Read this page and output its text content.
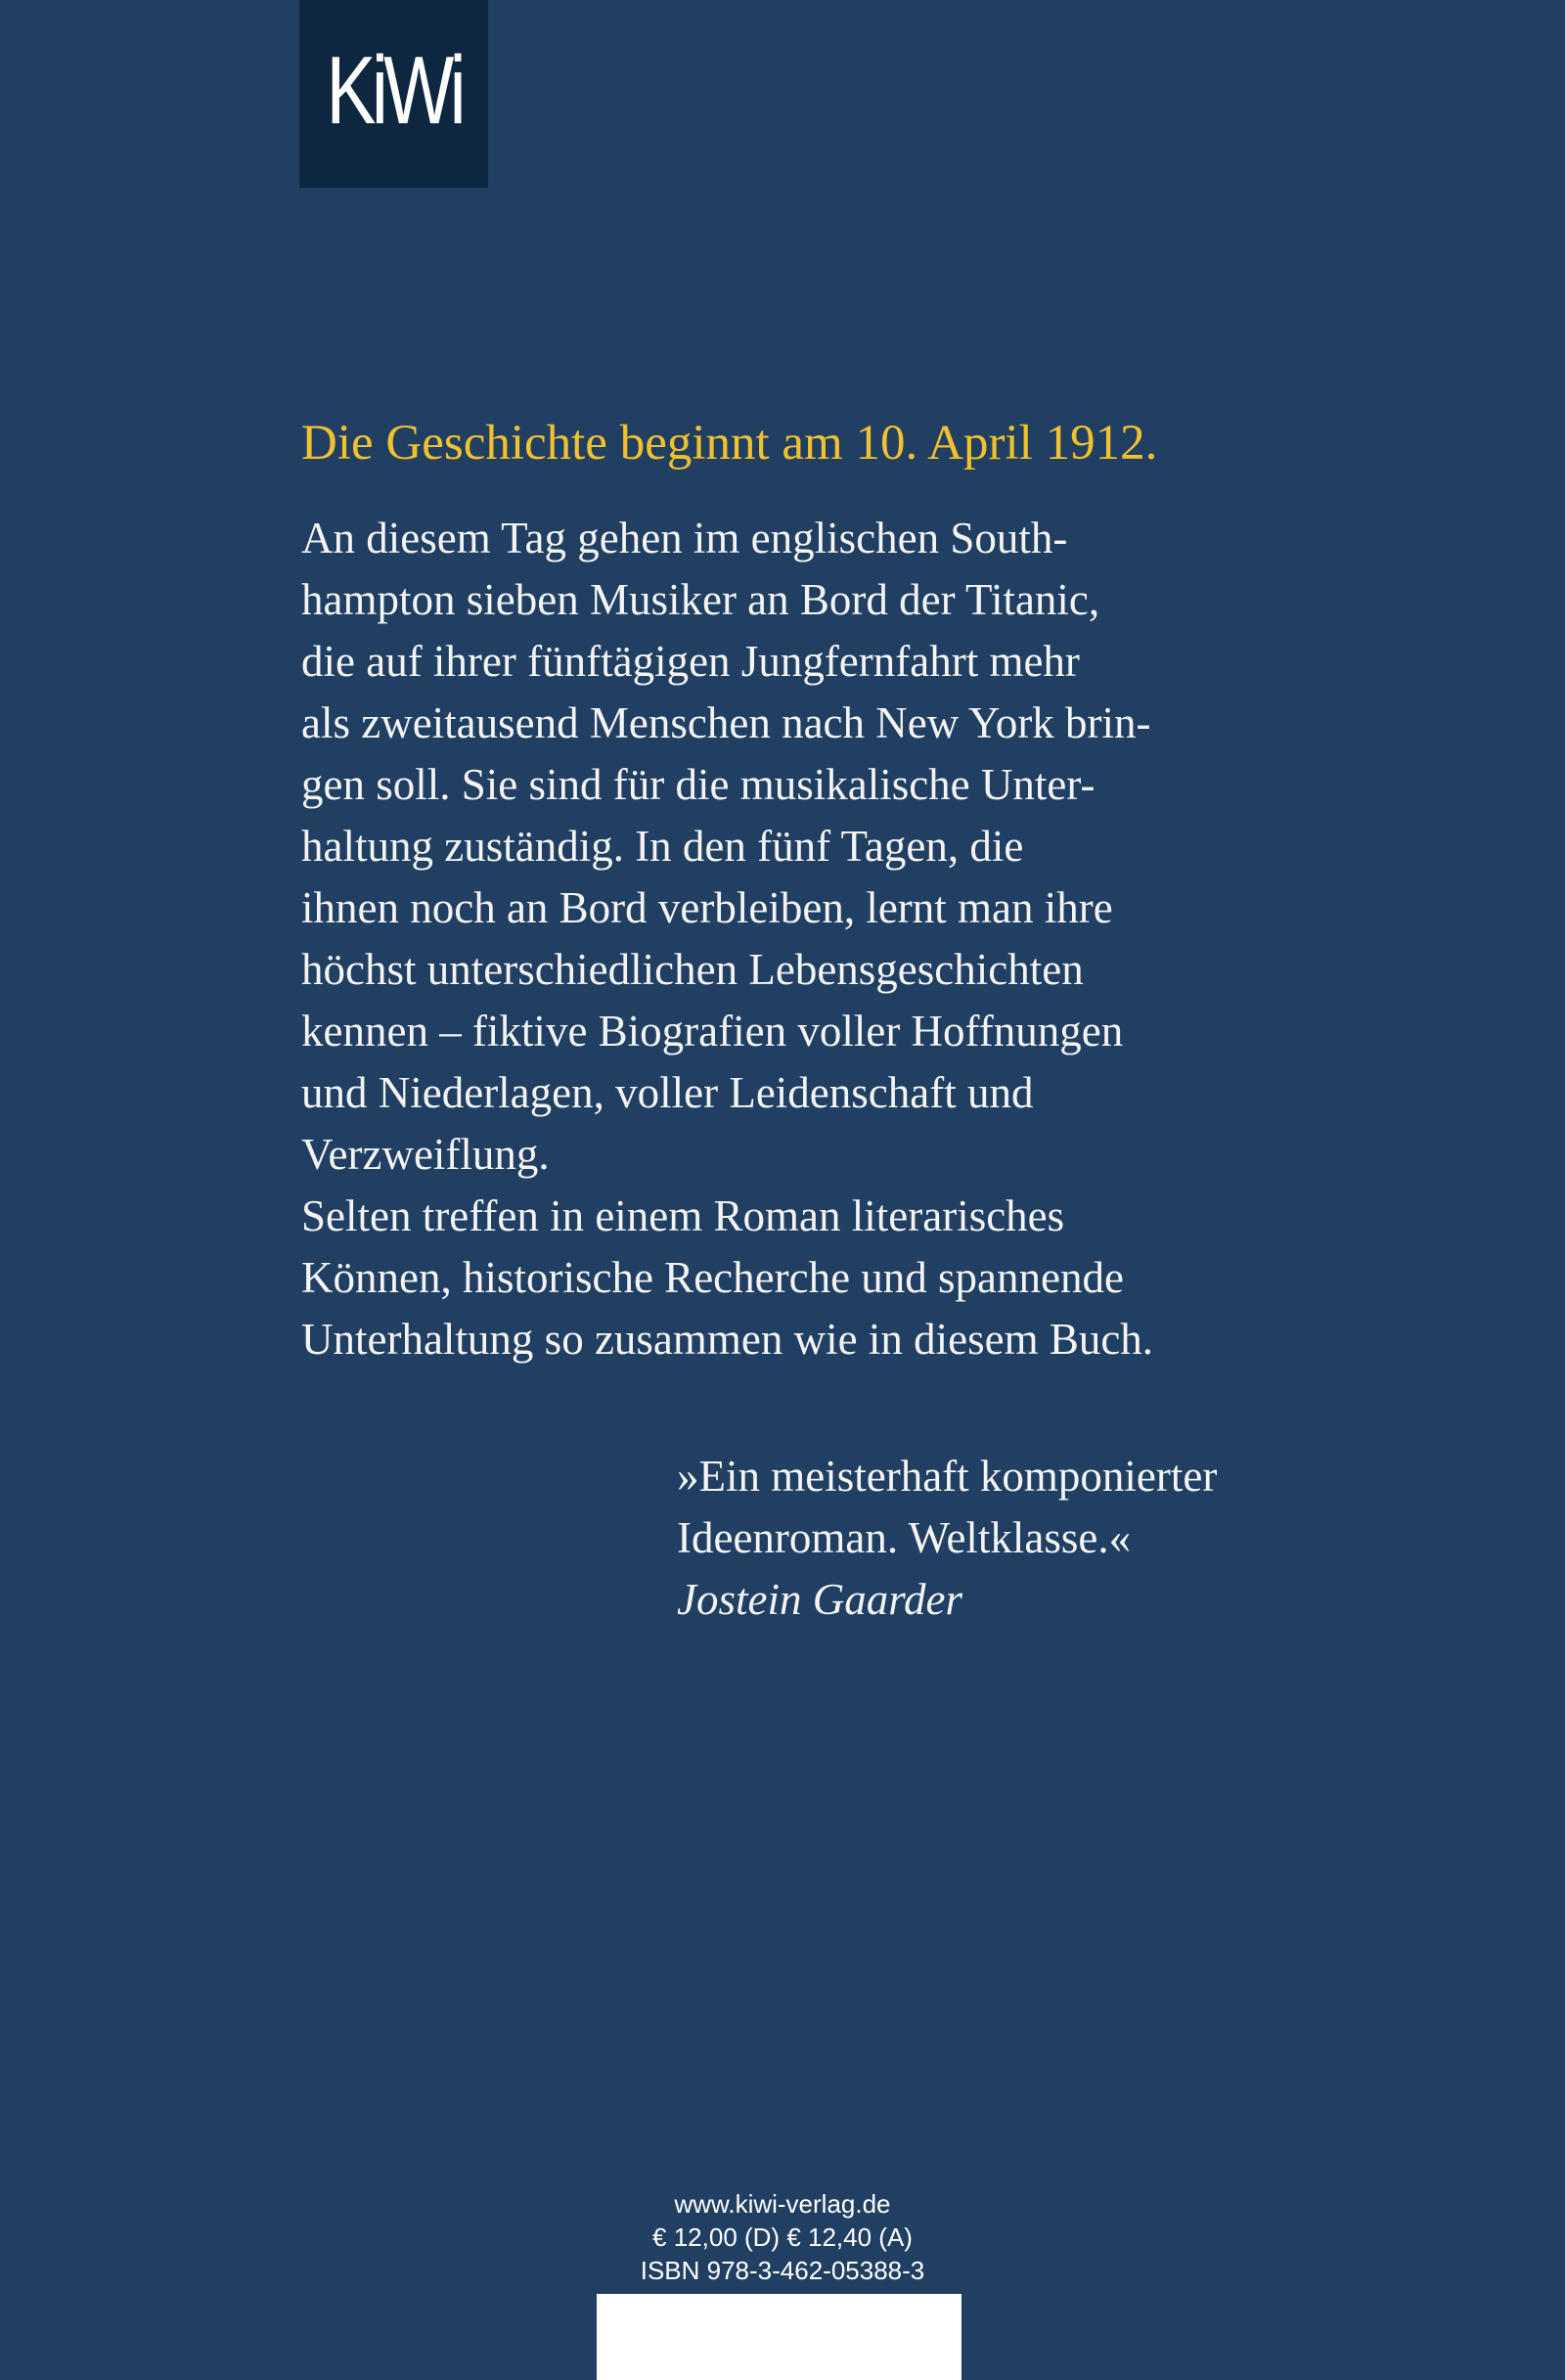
KiWi
Die Geschichte beginnt am 10. April 1912.
An diesem Tag gehen im englischen South-
hampton sieben Musiker an Bord der Titanic,
die auf ihrer fünftägigen Jungfernfahrt mehr
als zweitausend Menschen nach New York brin-
gen soll. Sie sind für die musikalische Unter-
haltung zuständig. In den fünf Tagen, die
ihnen noch an Bord verbleiben, lernt man ihre
höchst unterschiedlichen Lebensgeschichten
kennen – fiktive Biografien voller Hoffnungen
und Niederlagen, voller Leidenschaft und
Verzweiflung.
Selten treffen in einem Roman literarisches
Können, historische Recherche und spannende
Unterhaltung so zusammen wie in diesem Buch.
»Ein meisterhaft komponierter
Ideenroman. Weltklasse.«
Jostein Gaarder
www.kiwi-verlag.de
€ 12,00 (D) € 12,40 (A)
ISBN 978-3-462-05388-3
